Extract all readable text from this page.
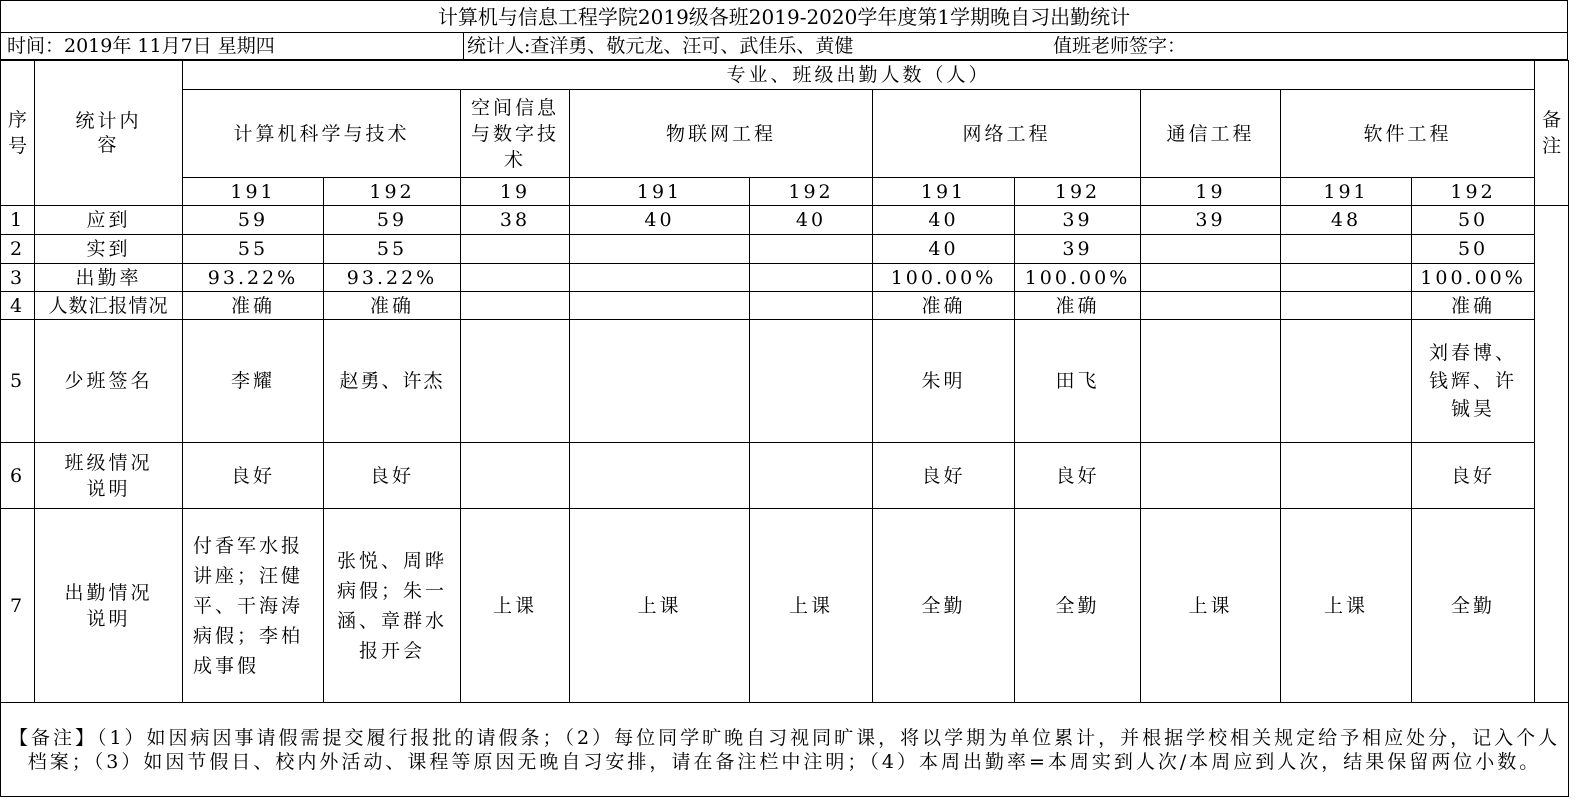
计算机与信息工程学院2019级各班2019-2020学年度第1学期晚自习出勤统计
时间：2019年 11月7日 星期四	统计人:查洋勇、敬元龙、汪可、武佳乐、黄健	值班老师签字：
序号	统计内容	专业、班级出勤人数（人）										备注
		计算机科学与技术		空间信息与数字技术	物联网工程		网络工程		通信工程	软件工程		
		191	192	19	191	192	191	192	19	191	192	
1	应到	59	59	38	40	40	40	39	39	48	50	
2	实到	55	55				40	39			50	
3	出勤率	93.22%	93.22%				100.00%	100.00%			100.00%	
4	人数汇报情况	准确	准确				准确	准确			准确	
5	少班签名	李耀	赵勇、许杰				朱明	田飞			刘春博、钱辉、许铖昊	
6	班级情况说明	良好	良好				良好	良好			良好	
7	出勤情况说明	付香军水报讲座；汪健平、干海涛病假；李柏成事假	张悦、周晔病假；朱一涵、章群水报开会	上课	上课	上课	全勤	全勤	上课	上课	全勤	
【备注】（1）如因病因事请假需提交履行报批的请假条；（2）每位同学旷晚自习视同旷课，将以学期为单位累计，并根据学校相关规定给予相应处分，记入个人档案；（3）如因节假日、校内外活动、课程等原因无晚自习安排，请在备注栏中注明；（4）本周出勤率=本周实到人次/本周应到人次，结果保留两位小数。												
